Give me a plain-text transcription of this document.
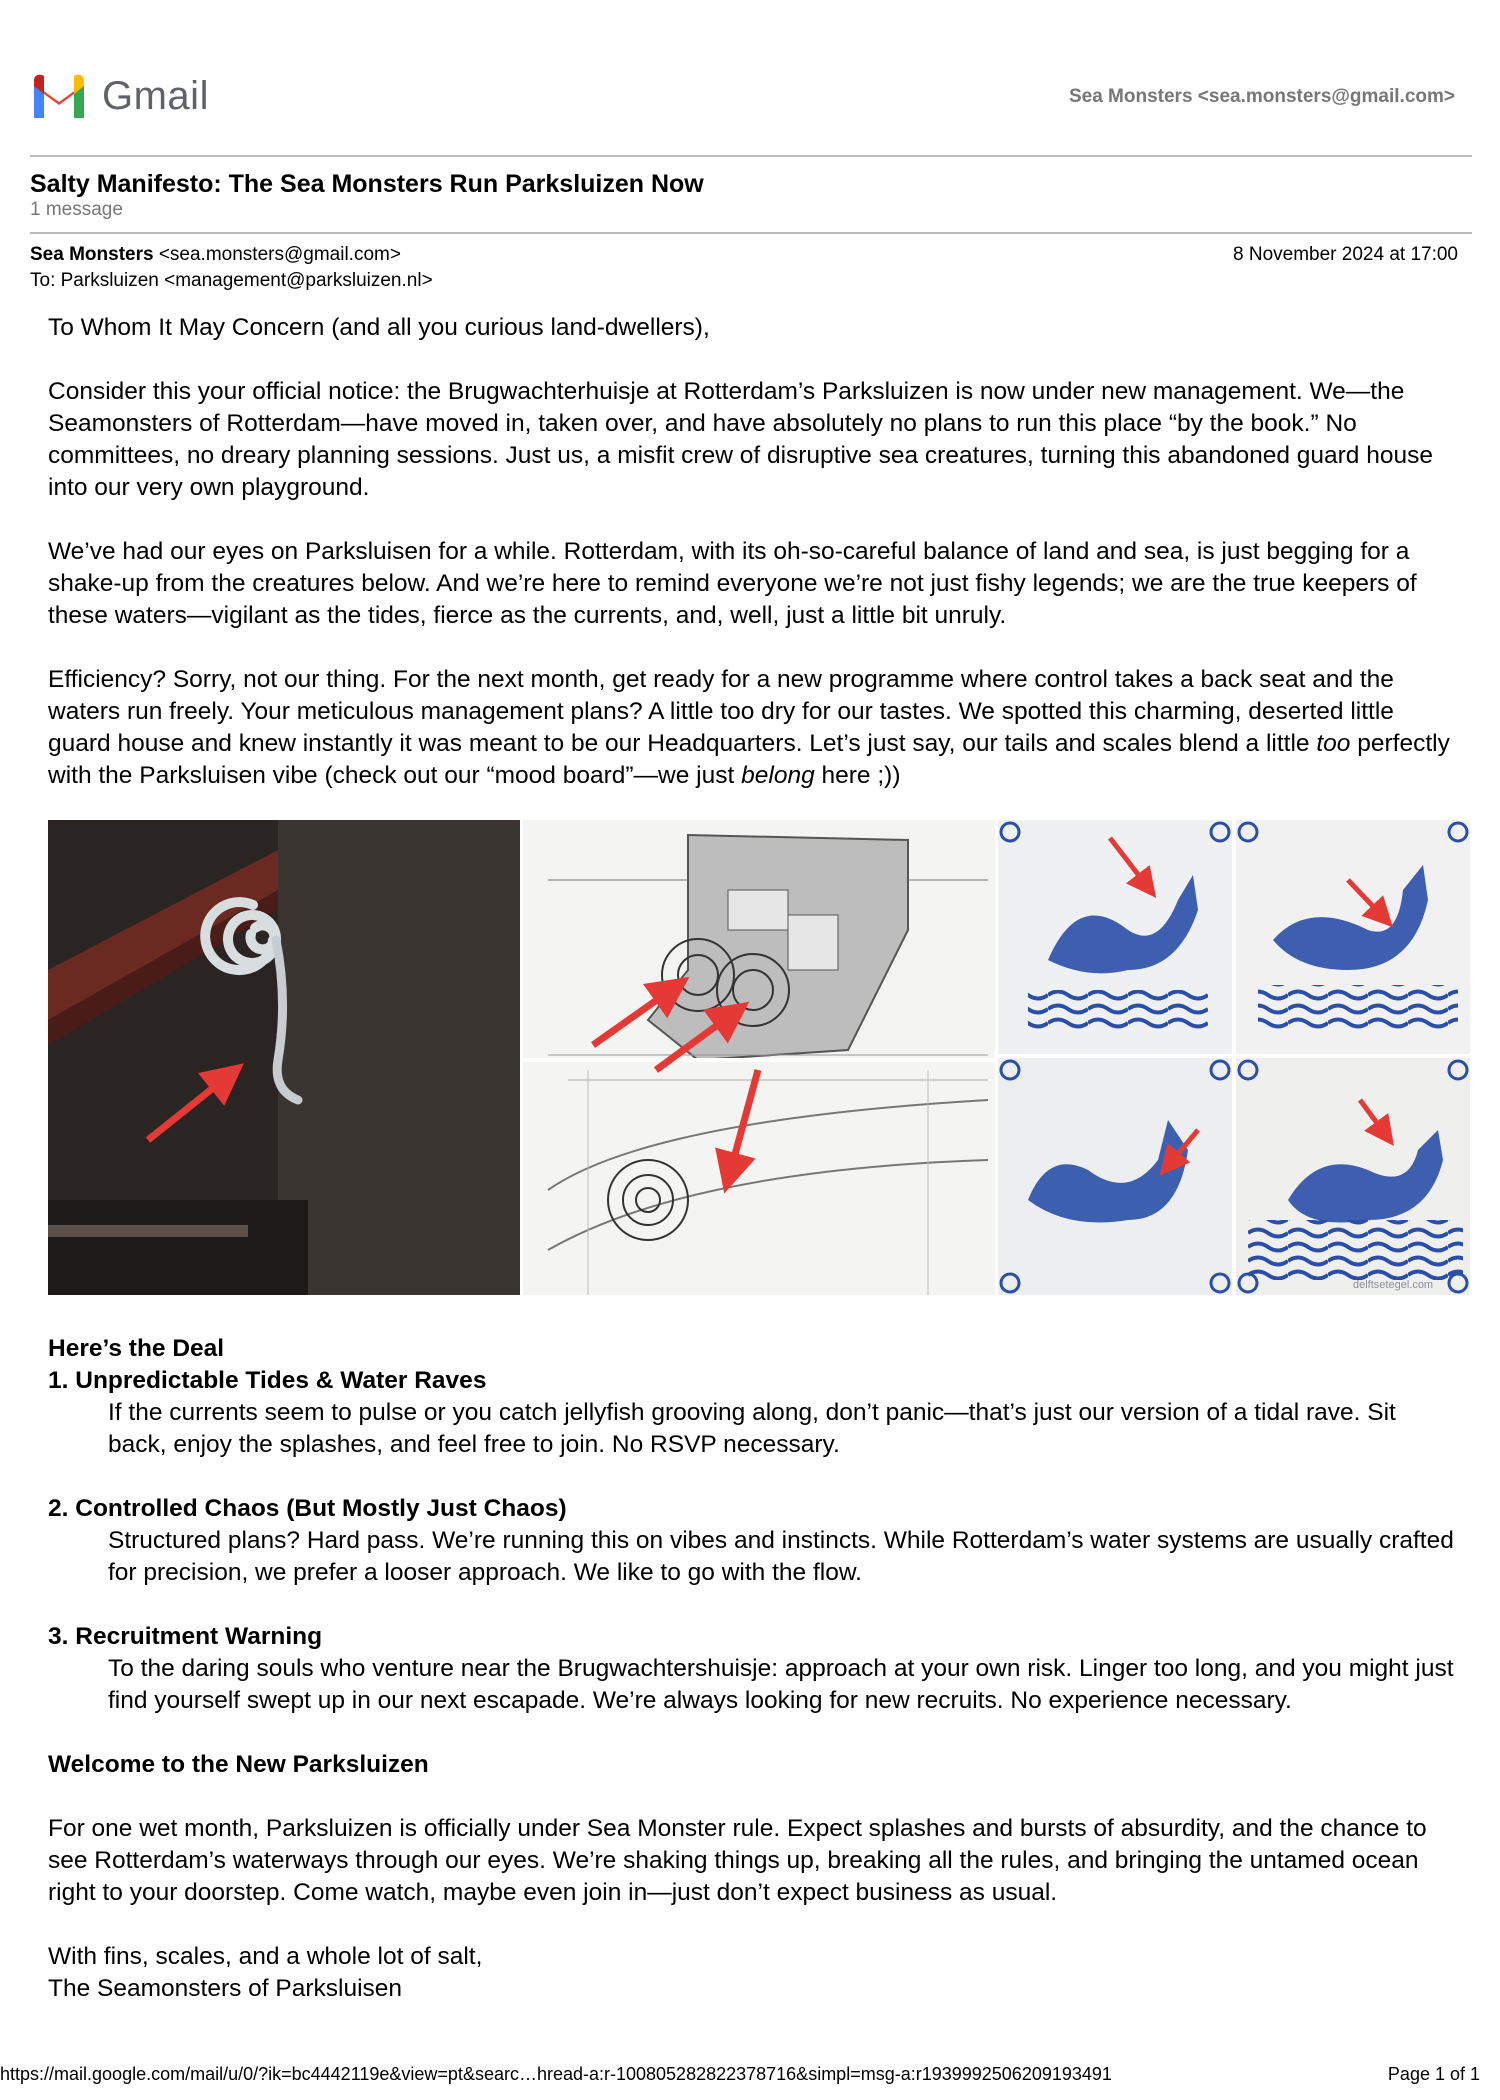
Gmail	Sea Monsters <sea.monsters@gmail.com>
Salty Manifesto: The Sea Monsters Run Parksluizen Now
1 message
Sea Monsters <sea.monsters@gmail.com>	8 November 2024 at 17:00
To: Parksluizen <management@parksluizen.nl>

To Whom It May Concern (and all you curious land-dwellers),

Consider this your official notice: the Brugwachterhuisje at Rotterdam’s Parksluizen is now under new management. We—the Seamonsters of Rotterdam—have moved in, taken over, and have absolutely no plans to run this place “by the book.” No committees, no dreary planning sessions. Just us, a misfit crew of disruptive sea creatures, turning this abandoned guard house into our very own playground.

We’ve had our eyes on Parksluisen for a while. Rotterdam, with its oh-so-careful balance of land and sea, is just begging for a shake-up from the creatures below. And we’re here to remind everyone we’re not just fishy legends; we are the true keepers of these waters—vigilant as the tides, fierce as the currents, and, well, just a little bit unruly.

Efficiency? Sorry, not our thing. For the next month, get ready for a new programme where control takes a back seat and the waters run freely. Your meticulous management plans? A little too dry for our tastes. We spotted this charming, deserted little guard house and knew instantly it was meant to be our Headquarters. Let’s just say, our tails and scales blend a little too perfectly with the Parksluisen vibe (check out our “mood board”—we just belong here ;))

delftsetegel.com
Here’s the Deal
1. Unpredictable Tides & Water Raves
If the currents seem to pulse or you catch jellyfish grooving along, don’t panic—that’s just our version of a tidal rave. Sit back, enjoy the splashes, and feel free to join. No RSVP necessary.
2. Controlled Chaos (But Mostly Just Chaos)
Structured plans? Hard pass. We’re running this on vibes and instincts. While Rotterdam’s water systems are usually crafted for precision, we prefer a looser approach. We like to go with the flow.
3. Recruitment Warning
To the daring souls who venture near the Brugwachtershuisje: approach at your own risk. Linger too long, and you might just find yourself swept up in our next escapade. We’re always looking for new recruits. No experience necessary.
Welcome to the New Parksluizen
For one wet month, Parksluizen is officially under Sea Monster rule. Expect splashes and bursts of absurdity, and the chance to see Rotterdam’s waterways through our eyes. We’re shaking things up, breaking all the rules, and bringing the untamed ocean right to your doorstep. Come watch, maybe even join in—just don’t expect business as usual.
With fins, scales, and a whole lot of salt,
The Seamonsters of Parksluisen
https://mail.google.com/mail/u/0/?ik=bc4442119e&view=pt&searc…hread-a:r-1008052828223787​16&simpl=msg-a:r1939992506209193491	Page 1 of 1
